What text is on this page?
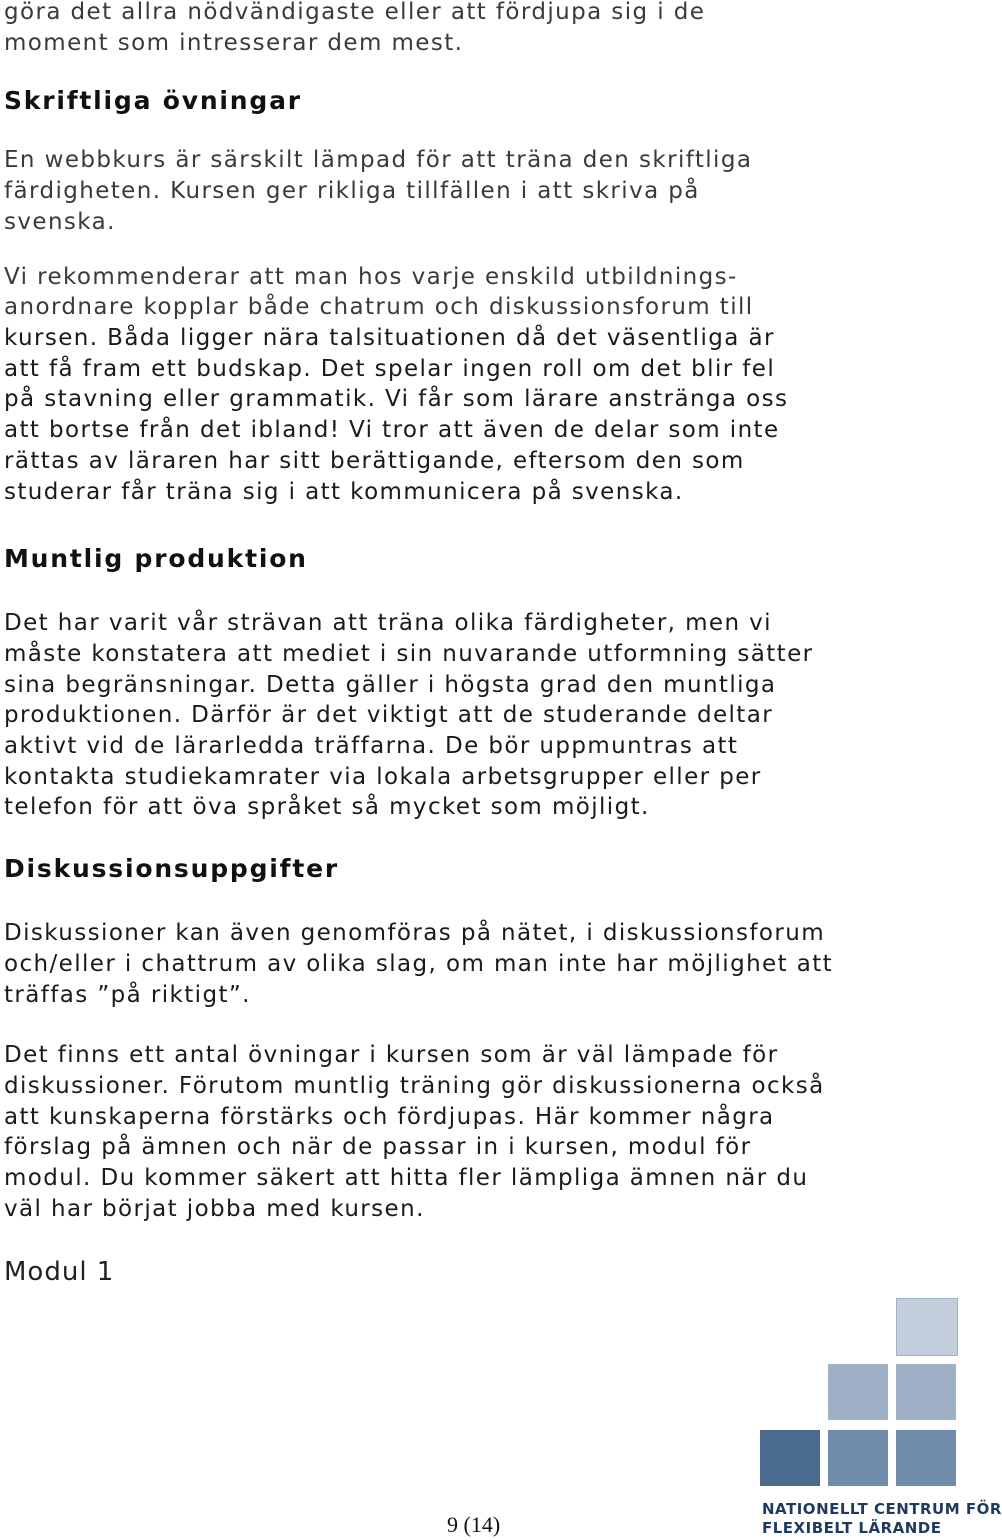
göra det allra nödvändigaste eller att fördjupa sig i de

moment som intresserar dem mest.

Skriftliga övningar

En webbkurs är särskilt lämpad för att träna den skriftliga

färdigheten. Kursen ger rikliga tillfällen i att skriva på

svenska.

Vi rekommenderar att man hos varje enskild utbildnings-

anordnare kopplar både chatrum och diskussionsforum till

kursen. Båda ligger nära talsituationen då det väsentliga är

att få fram ett budskap. Det spelar ingen roll om det blir fel

på stavning eller grammatik. Vi får som lärare anstränga oss

att bortse från det ibland! Vi tror att även de delar som inte

rättas av läraren har sitt berättigande, eftersom den som

studerar får träna sig i att kommunicera på svenska.

Muntlig produktion

Det har varit vår strävan att träna olika färdigheter, men vi

måste konstatera att mediet i sin nuvarande utformning sätter

sina begränsningar. Detta gäller i högsta grad den muntliga

produktionen. Därför är det viktigt att de studerande deltar

aktivt vid de lärarledda träffarna. De bör uppmuntras att

kontakta studiekamrater via lokala arbetsgrupper eller per

telefon för att öva språket så mycket som möjligt.

Diskussionsuppgifter

Diskussioner kan även genomföras på nätet, i diskussionsforum

och/eller i chattrum av olika slag, om man inte har möjlighet att

träffas ”på riktigt”.

Det finns ett antal övningar i kursen som är väl lämpade för

diskussioner. Förutom muntlig träning gör diskussionerna också

att kunskaperna förstärks och fördjupas. Här kommer några

förslag på ämnen och när de passar in i kursen, modul för

modul. Du kommer säkert att hitta fler lämpliga ämnen när du

väl har börjat jobba med kursen.

Modul 1

9 (14)
NATIONELLT CENTRUM FÖR
FLEXIBELT LÄRANDE
